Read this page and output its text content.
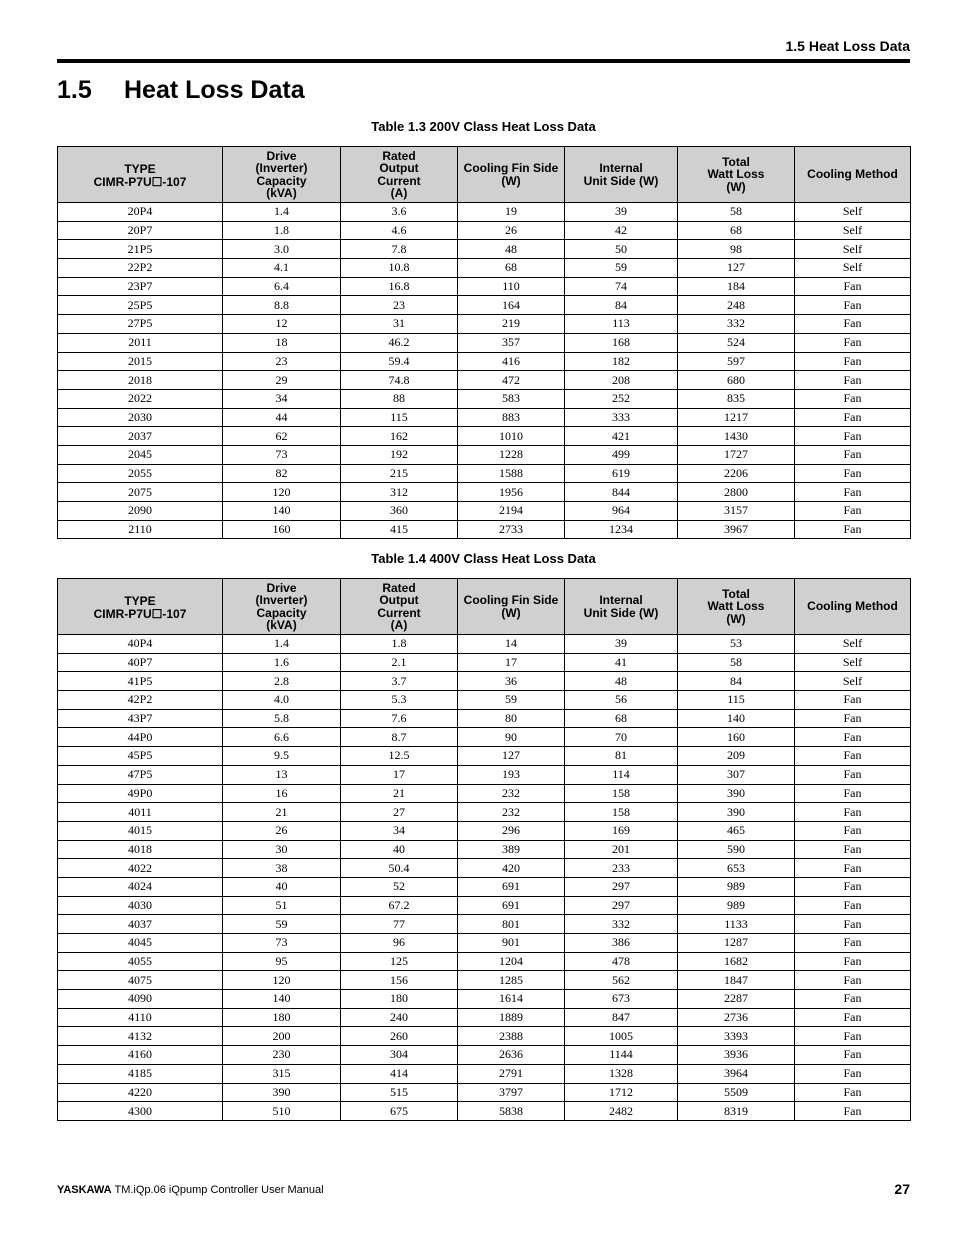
1.5 Heat Loss Data
1.5 Heat Loss Data
Table 1.3 200V Class Heat Loss Data
TYPE
CIMR-P7U☐-107	Drive
(Inverter)
Capacity
(kVA)	Rated
Output
Current
(A)	Cooling Fin Side
(W)	Internal
Unit Side (W)	Total
Watt Loss
(W)	Cooling Method
20P4	1.4	3.6	19	39	58	Self
20P7	1.8	4.6	26	42	68	Self
21P5	3.0	7.8	48	50	98	Self
22P2	4.1	10.8	68	59	127	Self
23P7	6.4	16.8	110	74	184	Fan
25P5	8.8	23	164	84	248	Fan
27P5	12	31	219	113	332	Fan
2011	18	46.2	357	168	524	Fan
2015	23	59.4	416	182	597	Fan
2018	29	74.8	472	208	680	Fan
2022	34	88	583	252	835	Fan
2030	44	115	883	333	1217	Fan
2037	62	162	1010	421	1430	Fan
2045	73	192	1228	499	1727	Fan
2055	82	215	1588	619	2206	Fan
2075	120	312	1956	844	2800	Fan
2090	140	360	2194	964	3157	Fan
2110	160	415	2733	1234	3967	Fan
Table 1.4 400V Class Heat Loss Data
TYPE
CIMR-P7U☐-107	Drive
(Inverter)
Capacity
(kVA)	Rated
Output
Current
(A)	Cooling Fin Side
(W)	Internal
Unit Side (W)	Total
Watt Loss
(W)	Cooling Method
40P4	1.4	1.8	14	39	53	Self
40P7	1.6	2.1	17	41	58	Self
41P5	2.8	3.7	36	48	84	Self
42P2	4.0	5.3	59	56	115	Fan
43P7	5.8	7.6	80	68	140	Fan
44P0	6.6	8.7	90	70	160	Fan
45P5	9.5	12.5	127	81	209	Fan
47P5	13	17	193	114	307	Fan
49P0	16	21	232	158	390	Fan
4011	21	27	232	158	390	Fan
4015	26	34	296	169	465	Fan
4018	30	40	389	201	590	Fan
4022	38	50.4	420	233	653	Fan
4024	40	52	691	297	989	Fan
4030	51	67.2	691	297	989	Fan
4037	59	77	801	332	1133	Fan
4045	73	96	901	386	1287	Fan
4055	95	125	1204	478	1682	Fan
4075	120	156	1285	562	1847	Fan
4090	140	180	1614	673	2287	Fan
4110	180	240	1889	847	2736	Fan
4132	200	260	2388	1005	3393	Fan
4160	230	304	2636	1144	3936	Fan
4185	315	414	2791	1328	3964	Fan
4220	390	515	3797	1712	5509	Fan
4300	510	675	5838	2482	8319	Fan
YASKAWA TM.iQp.06 iQpump Controller User Manual	27
